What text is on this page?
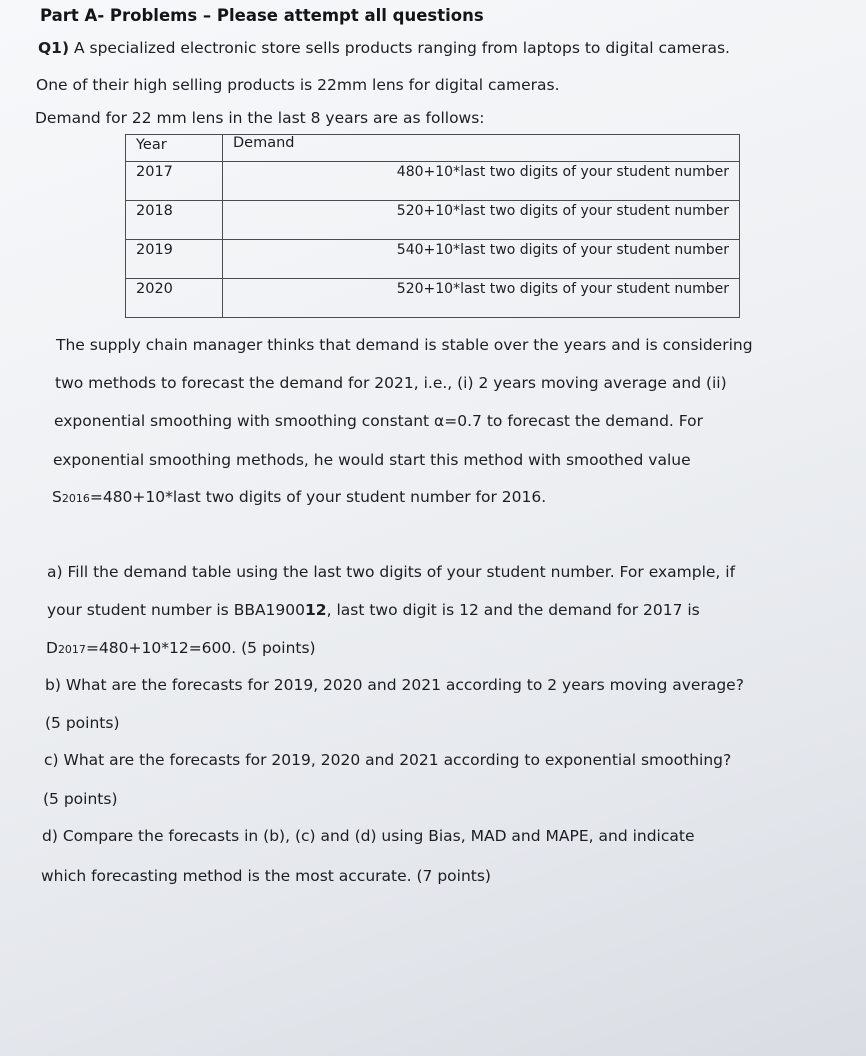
Part A- Problems – Please attempt all questions
Q1) A specialized electronic store sells products ranging from laptops to digital cameras.
One of their high selling products is 22mm lens for digital cameras.
Demand for 22 mm lens in the last 8 years are as follows:
Year	Demand
2017	480+10*last two digits of your student number
2018	520+10*last two digits of your student number
2019	540+10*last two digits of your student number
2020	520+10*last two digits of your student number
The supply chain manager thinks that demand is stable over the years and is considering
two methods to forecast the demand for 2021, i.e., (i) 2 years moving average and (ii)
exponential smoothing with smoothing constant α=0.7 to forecast the demand. For
exponential smoothing methods, he would start this method with smoothed value
S2016=480+10*last two digits of your student number for 2016.
a) Fill the demand table using the last two digits of your student number. For example, if
your student number is BBA190012, last two digit is 12 and the demand for 2017 is
D2017=480+10*12=600. (5 points)
b) What are the forecasts for 2019, 2020 and 2021 according to 2 years moving average?
(5 points)
c) What are the forecasts for 2019, 2020 and 2021 according to exponential smoothing?
(5 points)
d) Compare the forecasts in (b), (c) and (d) using Bias, MAD and MAPE, and indicate
which forecasting method is the most accurate. (7 points)
